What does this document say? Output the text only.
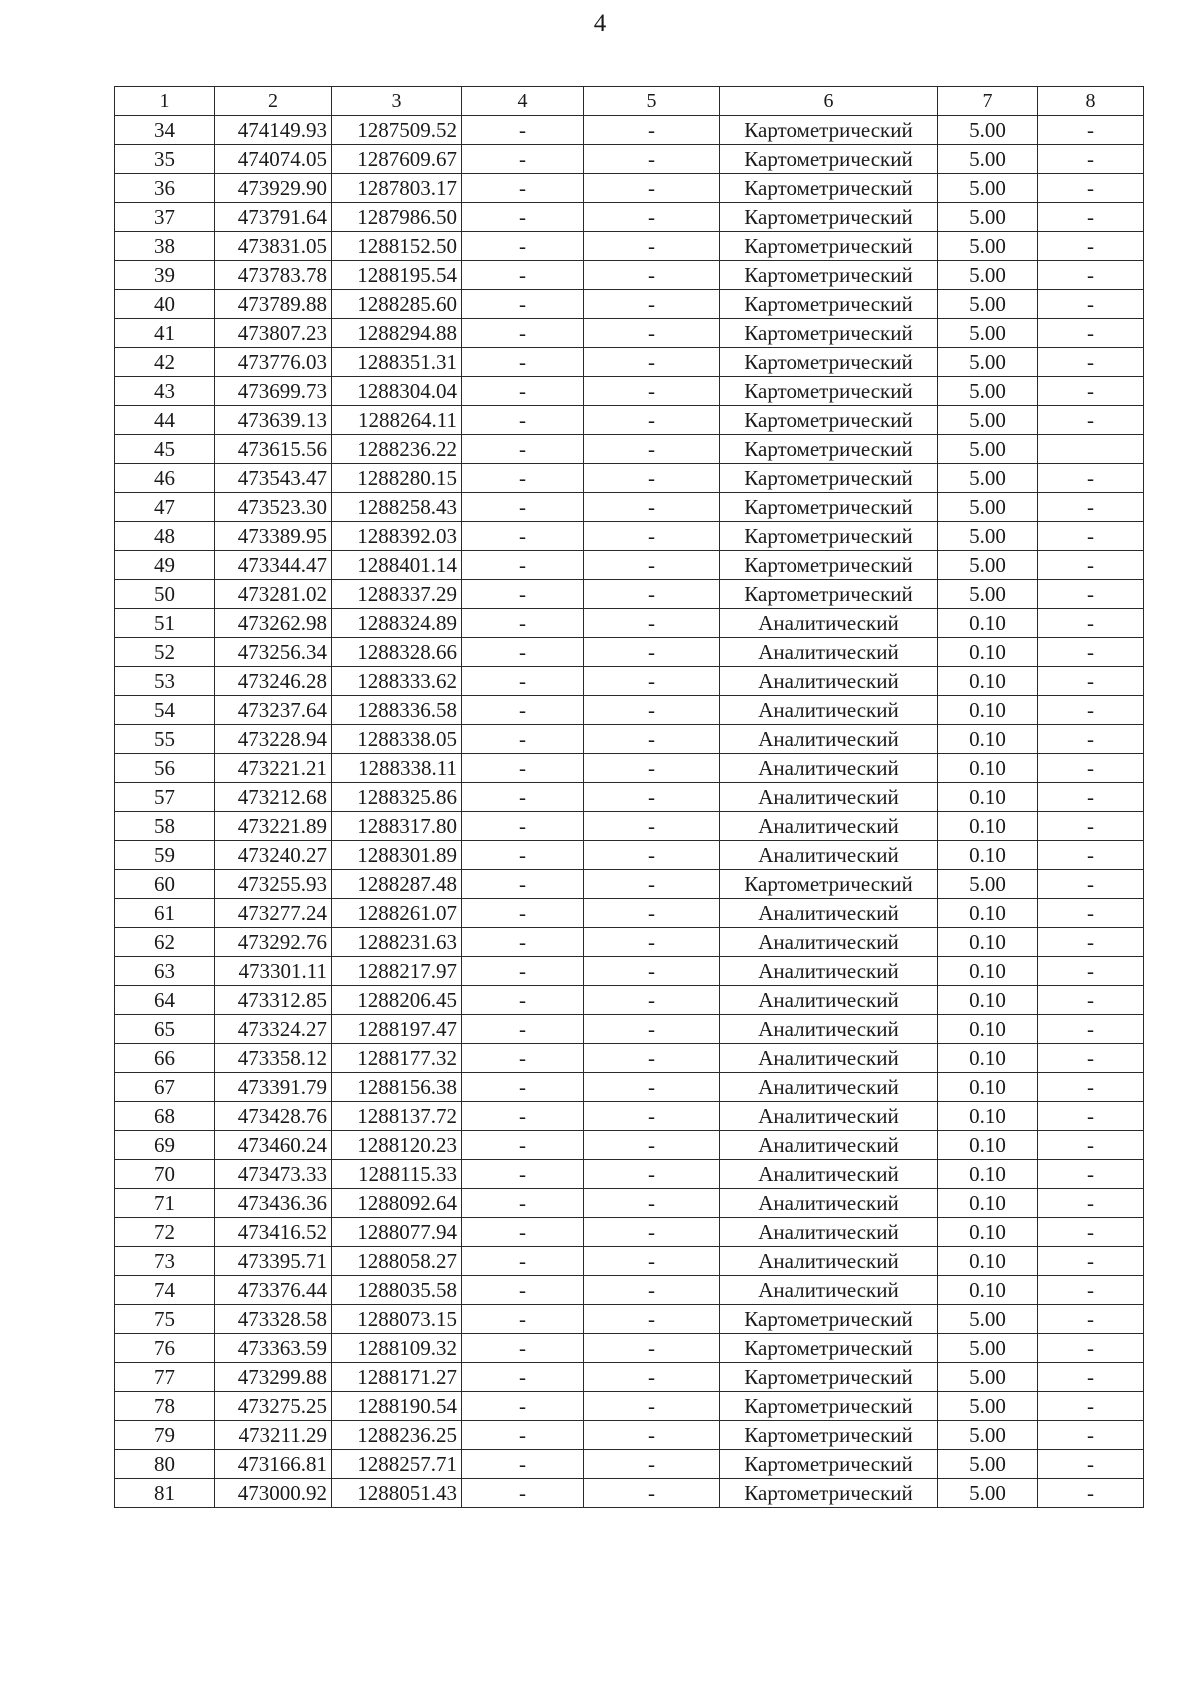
4
1	2	3	4	5	6	7	8
34	474149.93	1287509.52	-	-	Картометрический	5.00	-
35	474074.05	1287609.67	-	-	Картометрический	5.00	-
36	473929.90	1287803.17	-	-	Картометрический	5.00	-
37	473791.64	1287986.50	-	-	Картометрический	5.00	-
38	473831.05	1288152.50	-	-	Картометрический	5.00	-
39	473783.78	1288195.54	-	-	Картометрический	5.00	-
40	473789.88	1288285.60	-	-	Картометрический	5.00	-
41	473807.23	1288294.88	-	-	Картометрический	5.00	-
42	473776.03	1288351.31	-	-	Картометрический	5.00	-
43	473699.73	1288304.04	-	-	Картометрический	5.00	-
44	473639.13	1288264.11	-	-	Картометрический	5.00	-
45	473615.56	1288236.22	-	-	Картометрический	5.00	
46	473543.47	1288280.15	-	-	Картометрический	5.00	-
47	473523.30	1288258.43	-	-	Картометрический	5.00	-
48	473389.95	1288392.03	-	-	Картометрический	5.00	-
49	473344.47	1288401.14	-	-	Картометрический	5.00	-
50	473281.02	1288337.29	-	-	Картометрический	5.00	-
51	473262.98	1288324.89	-	-	Аналитический	0.10	-
52	473256.34	1288328.66	-	-	Аналитический	0.10	-
53	473246.28	1288333.62	-	-	Аналитический	0.10	-
54	473237.64	1288336.58	-	-	Аналитический	0.10	-
55	473228.94	1288338.05	-	-	Аналитический	0.10	-
56	473221.21	1288338.11	-	-	Аналитический	0.10	-
57	473212.68	1288325.86	-	-	Аналитический	0.10	-
58	473221.89	1288317.80	-	-	Аналитический	0.10	-
59	473240.27	1288301.89	-	-	Аналитический	0.10	-
60	473255.93	1288287.48	-	-	Картометрический	5.00	-
61	473277.24	1288261.07	-	-	Аналитический	0.10	-
62	473292.76	1288231.63	-	-	Аналитический	0.10	-
63	473301.11	1288217.97	-	-	Аналитический	0.10	-
64	473312.85	1288206.45	-	-	Аналитический	0.10	-
65	473324.27	1288197.47	-	-	Аналитический	0.10	-
66	473358.12	1288177.32	-	-	Аналитический	0.10	-
67	473391.79	1288156.38	-	-	Аналитический	0.10	-
68	473428.76	1288137.72	-	-	Аналитический	0.10	-
69	473460.24	1288120.23	-	-	Аналитический	0.10	-
70	473473.33	1288115.33	-	-	Аналитический	0.10	-
71	473436.36	1288092.64	-	-	Аналитический	0.10	-
72	473416.52	1288077.94	-	-	Аналитический	0.10	-
73	473395.71	1288058.27	-	-	Аналитический	0.10	-
74	473376.44	1288035.58	-	-	Аналитический	0.10	-
75	473328.58	1288073.15	-	-	Картометрический	5.00	-
76	473363.59	1288109.32	-	-	Картометрический	5.00	-
77	473299.88	1288171.27	-	-	Картометрический	5.00	-
78	473275.25	1288190.54	-	-	Картометрический	5.00	-
79	473211.29	1288236.25	-	-	Картометрический	5.00	-
80	473166.81	1288257.71	-	-	Картометрический	5.00	-
81	473000.92	1288051.43	-	-	Картометрический	5.00	-
